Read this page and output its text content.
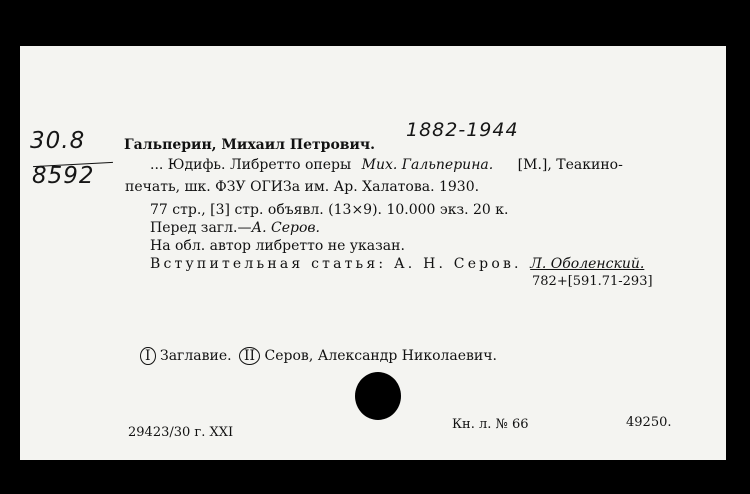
30.8
8592
Гальперин, Михаил Петрович.
1882-1944
... Юдифь. Либретто оперы Мих. Гальперина. [М.], Теакино-
печать, шк. ФЗУ ОГИЗа им. Ар. Халатова. 1930.
77 стр., [3] стр. объявл. (13×9). 10.000 экз. 20 к.
Перед загл.—А. Серов.
На обл. автор либретто не указан.
Вступительная статья: А. Н. Серов. Л. Оболенский.
782+[591.71-293]
I Заглавие. II Серов, Александр Николаевич.
29423/30 г. XXI
Кн. л. № 66	49250.
